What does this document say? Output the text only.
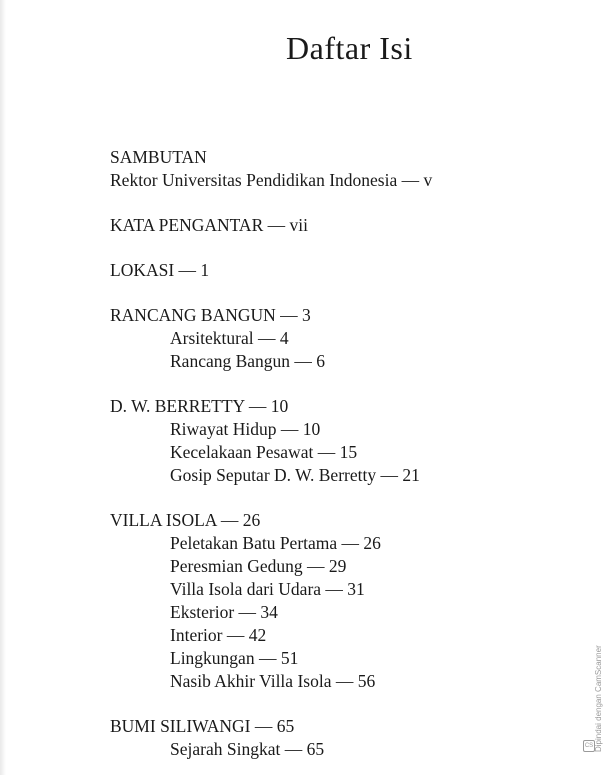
Daftar Isi
SAMBUTAN
Rektor Universitas Pendidikan Indonesia — v
KATA PENGANTAR — vii
LOKASI — 1
RANCANG BANGUN — 3
Arsitektural — 4
Rancang Bangun — 6
D. W. BERRETTY — 10
Riwayat Hidup — 10
Kecelakaan Pesawat — 15
Gosip Seputar D. W. Berretty — 21
VILLA ISOLA — 26
Peletakan Batu Pertama — 26
Peresmian Gedung — 29
Villa Isola dari Udara — 31
Eksterior — 34
Interior — 42
Lingkungan — 51
Nasib Akhir Villa Isola — 56
BUMI SILIWANGI — 65
Sejarah Singkat — 65	Dipindai dengan CamScanner
CS
